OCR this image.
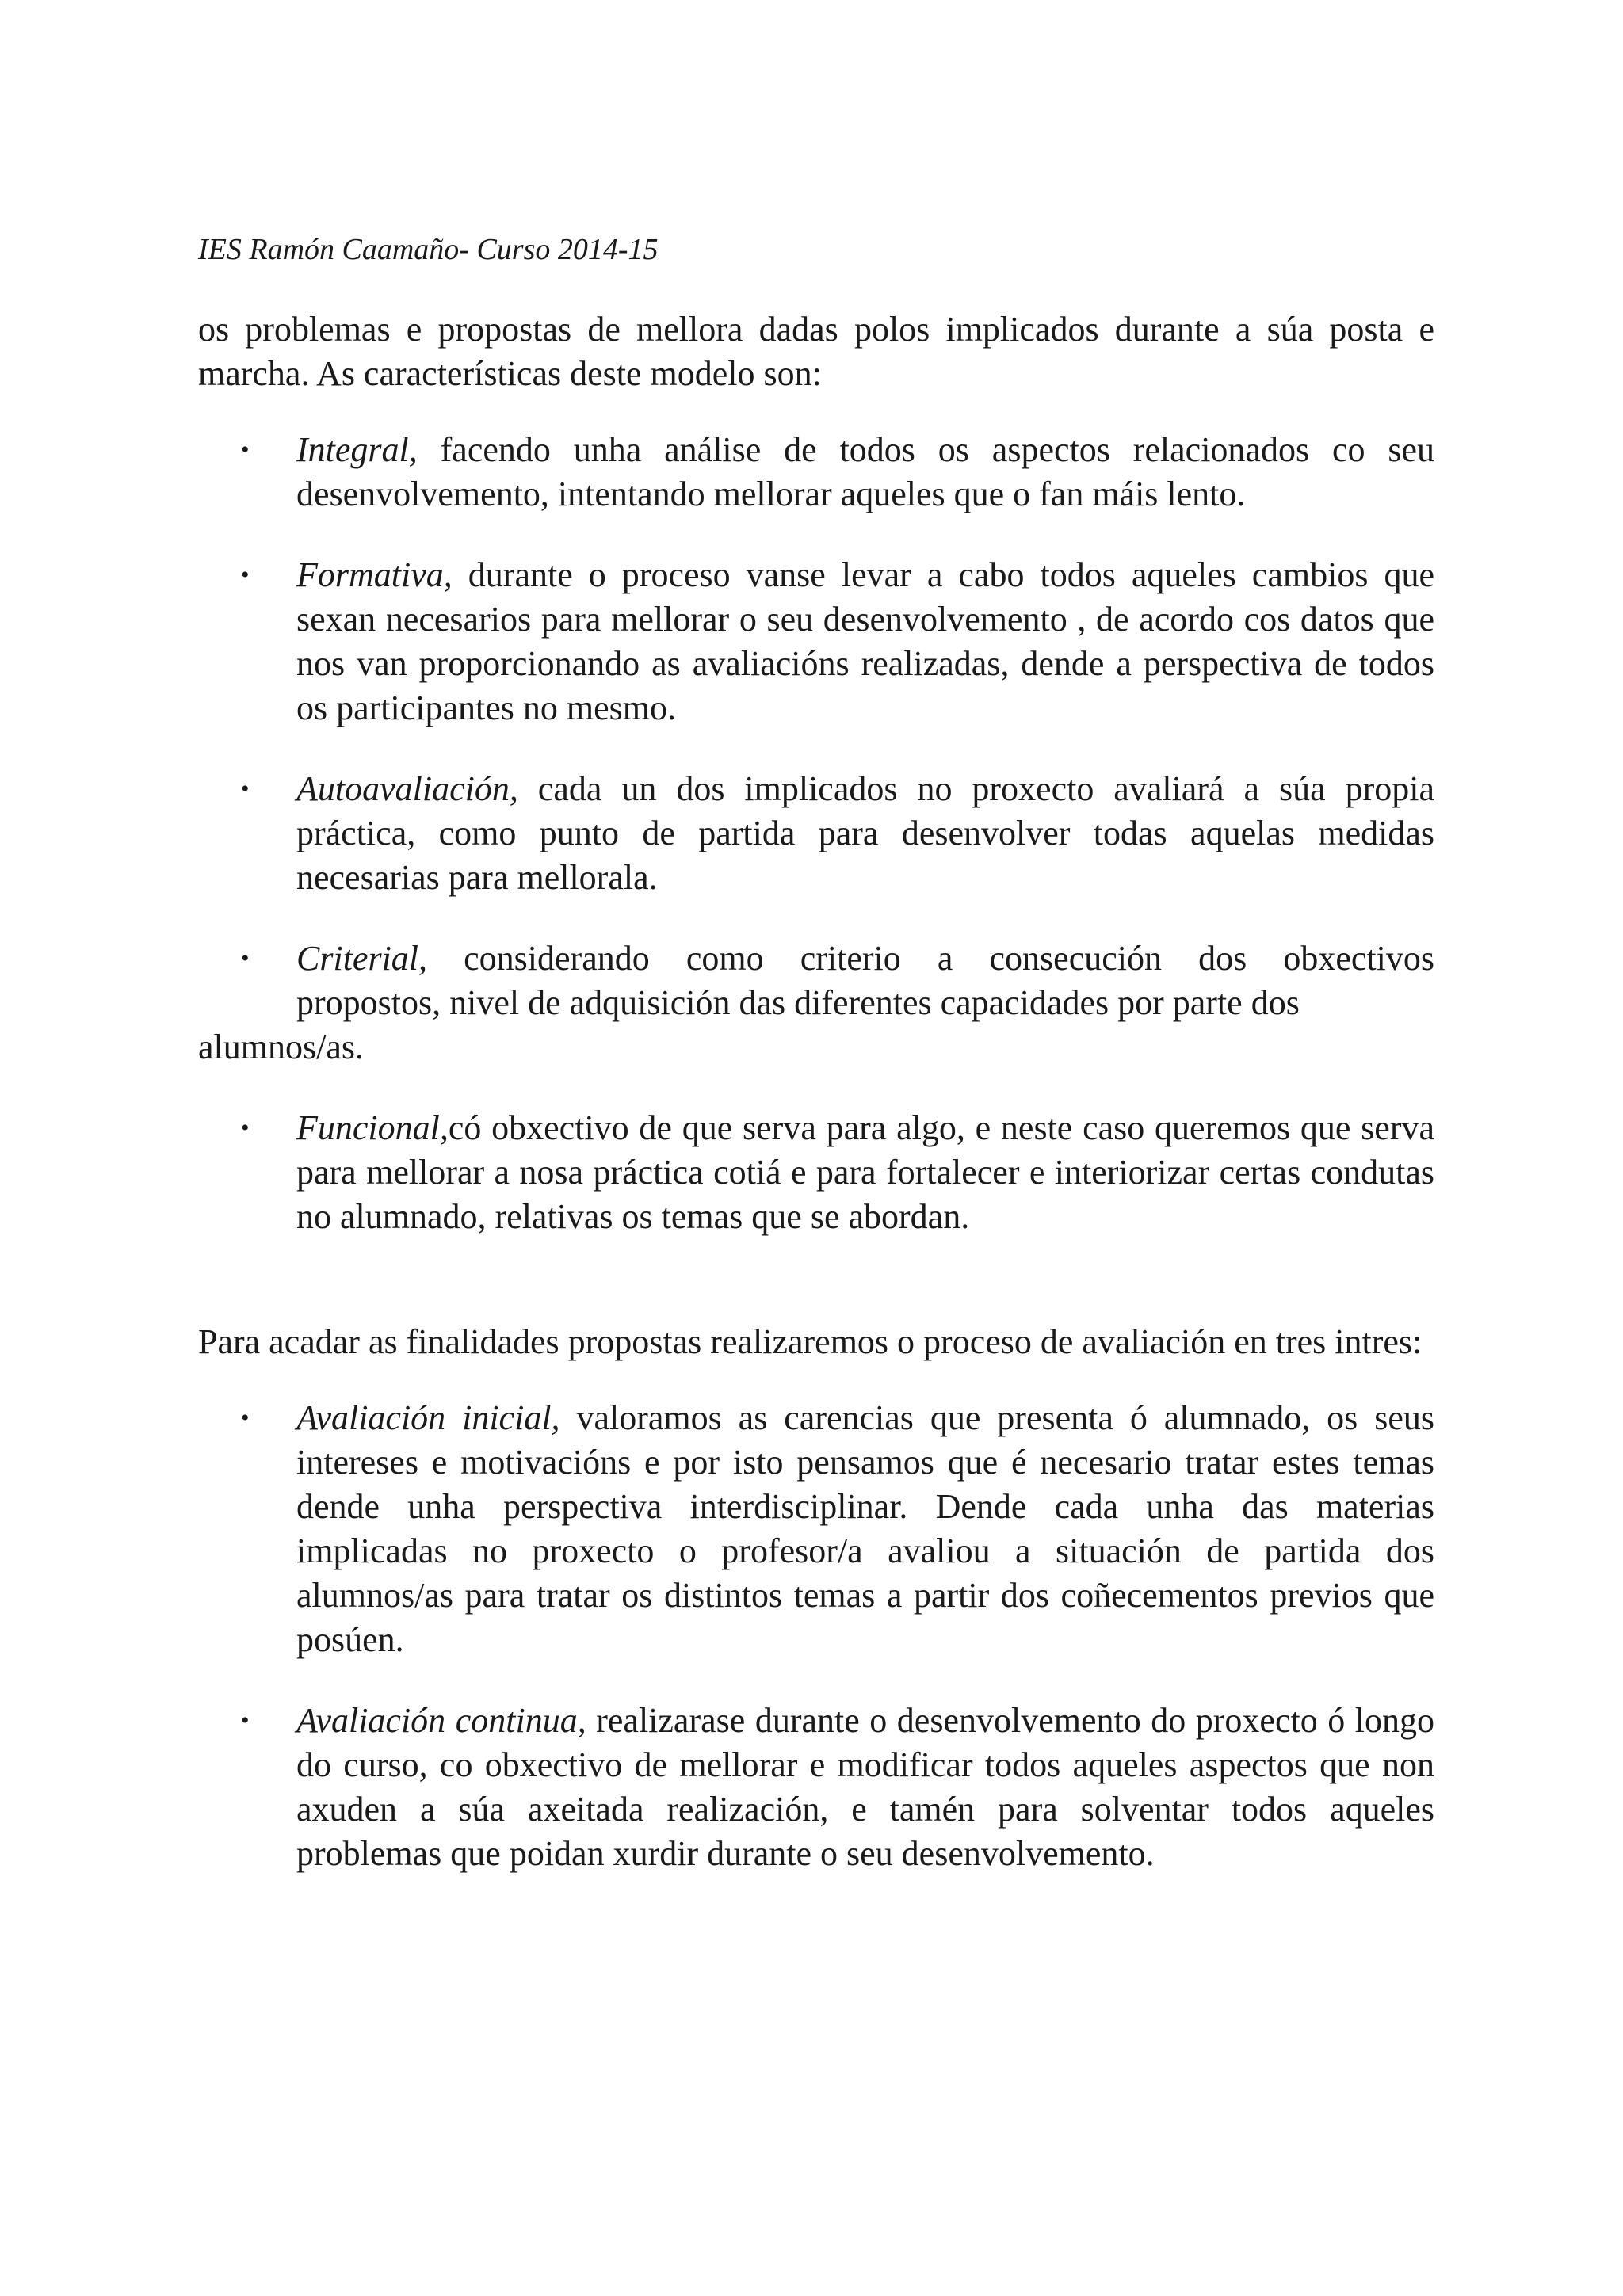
IES Ramón Caamaño- Curso 2014-15

os problemas e propostas de mellora dadas polos implicados durante a súa posta e marcha. As características deste modelo son:

• Integral, facendo unha análise de todos os aspectos relacionados co seu desenvolvemento, intentando mellorar aqueles que o fan máis lento.
• Formativa, durante o proceso vanse levar a cabo todos aqueles cambios que sexan necesarios para mellorar o seu desenvolvemento , de acordo cos datos que nos van proporcionando as avaliacións realizadas, dende a perspectiva de todos os participantes no mesmo.
• Autoavaliación, cada un dos implicados no proxecto avaliará a súa propia práctica, como punto de partida para desenvolver todas aquelas medidas necesarias para mellorala.
•	Criterial, considerando como criterio a consecución dos obxectivos
propostos, nivel de adquisición das diferentes capacidades por parte dos
alumnos/as.
• Funcional,có obxectivo de que serva para algo, e neste caso queremos que serva para mellorar a nosa práctica cotiá e para fortalecer e interiorizar certas condutas no alumnado, relativas os temas que se abordan.

Para acadar as finalidades propostas realizaremos o proceso de avaliación en tres intres:

• Avaliación inicial, valoramos as carencias que presenta ó alumnado, os seus intereses e motivacións e por isto pensamos que é necesario tratar estes temas dende unha perspectiva interdisciplinar. Dende cada unha das materias implicadas no proxecto o profesor/a avaliou a situación de partida dos alumnos/as para tratar os distintos temas a partir dos coñecementos previos que posúen.
• Avaliación continua, realizarase durante o desenvolvemento do proxecto ó longo do curso, co obxectivo de mellorar e modificar todos aqueles aspectos que non axuden a súa axeitada realización, e tamén para solventar todos aqueles problemas que poidan xurdir durante o seu desenvolvemento.
